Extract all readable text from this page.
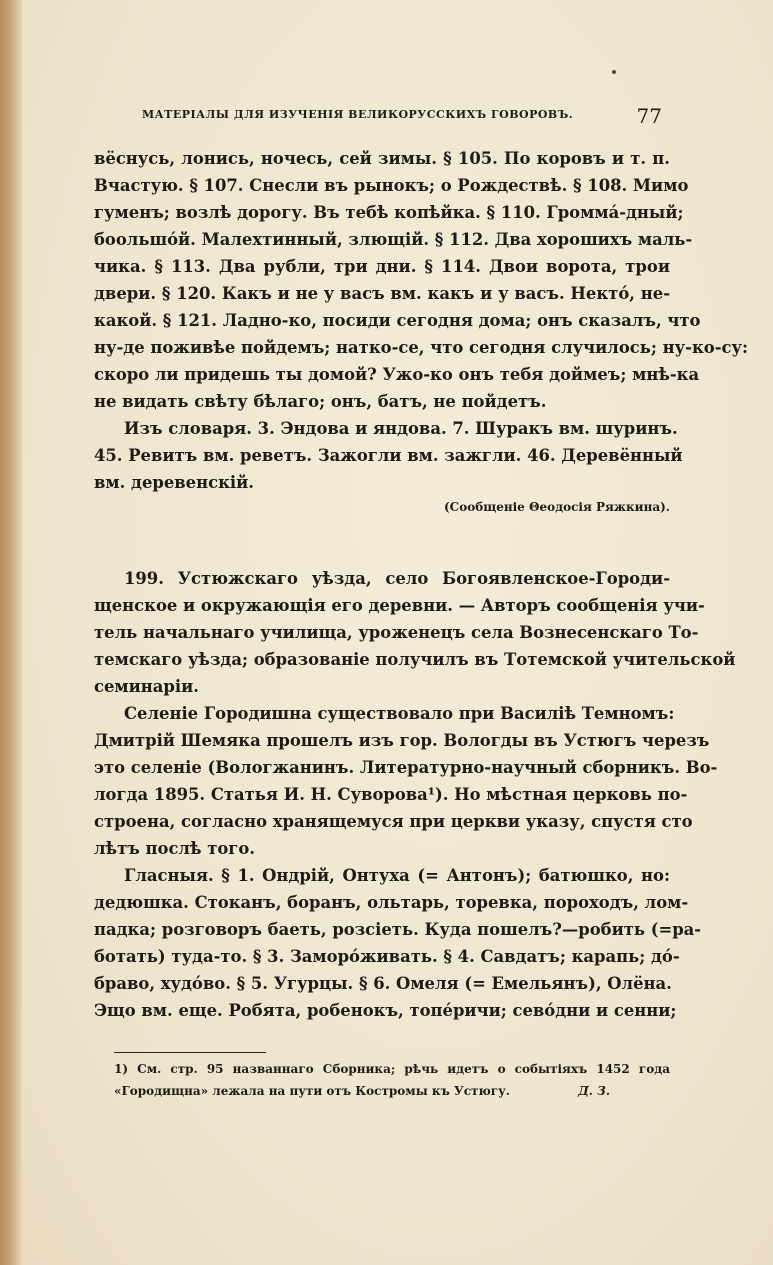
МАТЕРІАЛЫ ДЛЯ ИЗУЧЕНІЯ ВЕЛИКОРУССКИХЪ ГОВОРОВЪ.	77
вёснусь, лонись, ночесь, сей зимы. § 105. По коровъ и т. п.
Вчастую. § 107. Снесли въ рынокъ; о Рождествѣ. § 108. Мимо
гуменъ; возлѣ дорогу. Въ тебѣ копѣйка. § 110. Громма́-дный;
боольшо́й. Малехтинный, злющій. § 112. Два хорошихъ маль-
чика. § 113. Два рубли, три дни. § 114. Двои ворота, трои
двери. § 120. Какъ и не у васъ вм. какъ и у васъ. Некто́, не-
какой. § 121. Ладно-ко, посиди сегодня дома; онъ сказалъ, что
ну-де поживѣе пойдемъ; натко-се, что сегодня случилось; ну-ко-су:
скоро ли придешь ты домой? Ужо-ко онъ тебя доймеъ; мнѣ-ка
не видать свѣту бѣлаго; онъ, батъ, не пойдетъ.
Изъ словаря. 3. Эндова и яндова. 7. Шуракъ вм. шуринъ.
45. Ревитъ вм. реветъ. Зажогли вм. зажгли. 46. Деревённый
вм. деревенскій.
(Сообщеніе Θеодосія Ряжкина).
199. Устюжскаго уѣзда, село Богоявленское-Городи-
щенское и окружающія его деревни. — Авторъ сообщенія учи-
тель начальнаго училища, уроженецъ села Вознесенскаго То-
темскаго уѣзда; образованіе получилъ въ Тотемской учительской
семинаріи.
Селеніе Городишна существовало при Василіѣ Темномъ:
Дмитрій Шемяка прошелъ изъ гор. Вологды въ Устюгъ черезъ
это селеніе (Вологжанинъ. Литературно-научный сборникъ. Во-
логда 1895. Статья И. Н. Суворова¹). Но мѣстная церковь по-
строена, согласно хранящемуся при церкви указу, спустя сто
лѣтъ послѣ того.
Гласныя. § 1. Ондрій, Онтуха (= Антонъ); батюшко, но:
дедюшка. Стоканъ, боранъ, ольтарь, торевка, пороходъ, лом-
падка; розговоръ баеть, розсіеть. Куда пошелъ?—робить (=ра-
ботать) туда-то. § 3. Заморо́живать. § 4. Савдатъ; карапь; до́-
браво, худо́во. § 5. Угурцы. § 6. Омеля (= Емельянъ), Олёна.
Эщо вм. еще. Робята, робенокъ, топе́ричи; сево́дни и сенни;
1) См. стр. 95 названнаго Сборника; рѣчь идетъ о событіяхъ 1452 года
«Городищна» лежала на пути отъ Костромы къ Устюгу.	Д. З.
